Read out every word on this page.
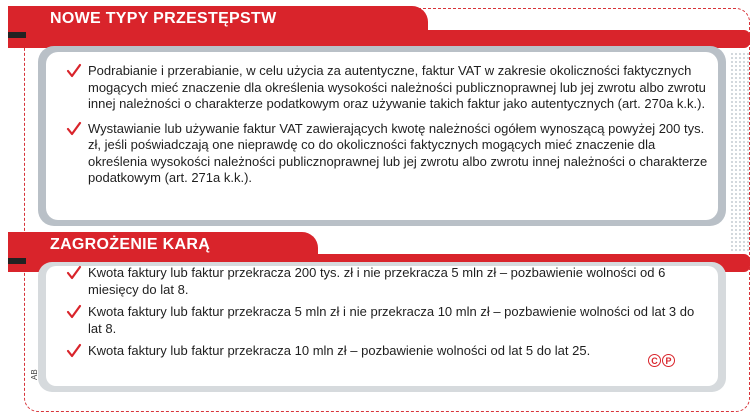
NOWE TYPY PRZESTĘPSTW
Podrabianie i przerabianie, w celu użycia za autentyczne, faktur VAT w zakresie okoliczności faktycznych mogących mieć znaczenie dla określenia wysokości należności publicznoprawnej lub jej zwrotu albo zwrotu innej należności o charakterze podatkowym oraz używanie takich faktur jako autentycznych (art. 270a k.k.).
Wystawianie lub używanie faktur VAT zawierających kwotę należności ogółem wynoszącą powyżej 200 tys. zł, jeśli poświadczają one nieprawdę co do okoliczności faktycznych mogących mieć znaczenie dla określenia wysokości należności publicznoprawnej lub jej zwrotu albo zwrotu innej należności o charakterze podatkowym (art. 271a k.k.).
ZAGROŻENIE KARĄ
Kwota faktury lub faktur przekracza 200 tys. zł i nie przekracza 5 mln zł – pozbawienie wolności od 6 miesięcy do lat 8.
Kwota faktury lub faktur przekracza 5 mln zł i nie przekracza 10 mln zł – pozbawienie wolności od lat 3 do lat 8.
Kwota faktury lub faktur przekracza 10 mln zł – pozbawienie wolności od lat 5 do lat 25.
C P
AB
